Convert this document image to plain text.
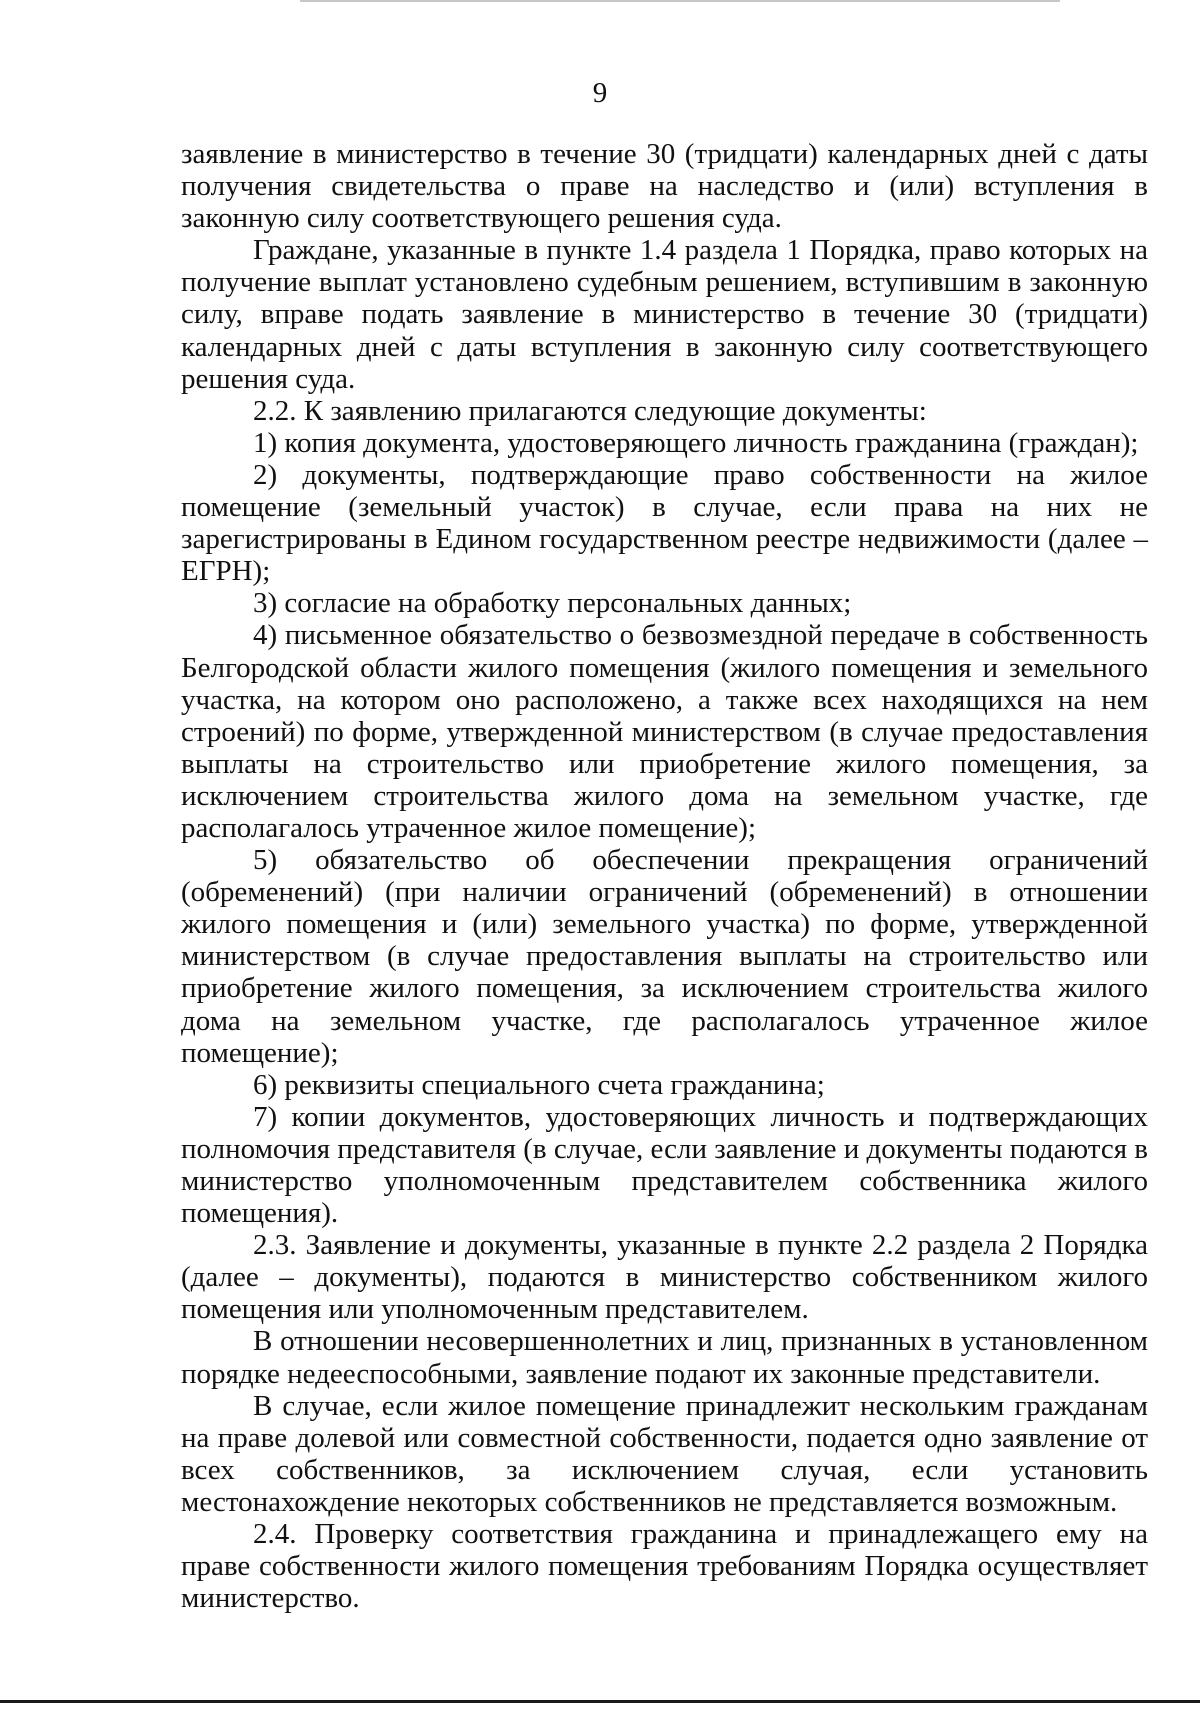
9

заявление в министерство в течение 30 (тридцати) календарных дней с даты получения свидетельства о праве на наследство и (или) вступления в законную силу соответствующего решения суда.

Граждане, указанные в пункте 1.4 раздела 1 Порядка, право которых на получение выплат установлено судебным решением, вступившим в законную силу, вправе подать заявление в министерство в течение 30 (тридцати) календарных дней с даты вступления в законную силу соответствующего решения суда.

2.2. К заявлению прилагаются следующие документы:

1) копия документа, удостоверяющего личность гражданина (граждан);

2) документы, подтверждающие право собственности на жилое помещение (земельный участок) в случае, если права на них не зарегистрированы в Едином государственном реестре недвижимости (далее – ЕГРН);

3) согласие на обработку персональных данных;

4) письменное обязательство о безвозмездной передаче в собственность Белгородской области жилого помещения (жилого помещения и земельного участка, на котором оно расположено, а также всех находящихся на нем строений) по форме, утвержденной министерством (в случае предоставления выплаты на строительство или приобретение жилого помещения, за исключением строительства жилого дома на земельном участке, где располагалось утраченное жилое помещение);

5) обязательство об обеспечении прекращения ограничений (обременений) (при наличии ограничений (обременений) в отношении жилого помещения и (или) земельного участка) по форме, утвержденной министерством (в случае предоставления выплаты на строительство или приобретение жилого помещения, за исключением строительства жилого дома на земельном участке, где располагалось утраченное жилое помещение);

6) реквизиты специального счета гражданина;

7) копии документов, удостоверяющих личность и подтверждающих полномочия представителя (в случае, если заявление и документы подаются в министерство уполномоченным представителем собственника жилого помещения).

2.3. Заявление и документы, указанные в пункте 2.2 раздела 2 Порядка (далее – документы), подаются в министерство собственником жилого помещения или уполномоченным представителем.

В отношении несовершеннолетних и лиц, признанных в установленном порядке недееспособными, заявление подают их законные представители.

В случае, если жилое помещение принадлежит нескольким гражданам на праве долевой или совместной собственности, подается одно заявление от всех собственников, за исключением случая, если установить местонахождение некоторых собственников не представляется возможным.

2.4. Проверку соответствия гражданина и принадлежащего ему на праве собственности жилого помещения требованиям Порядка осуществляет министерство.
